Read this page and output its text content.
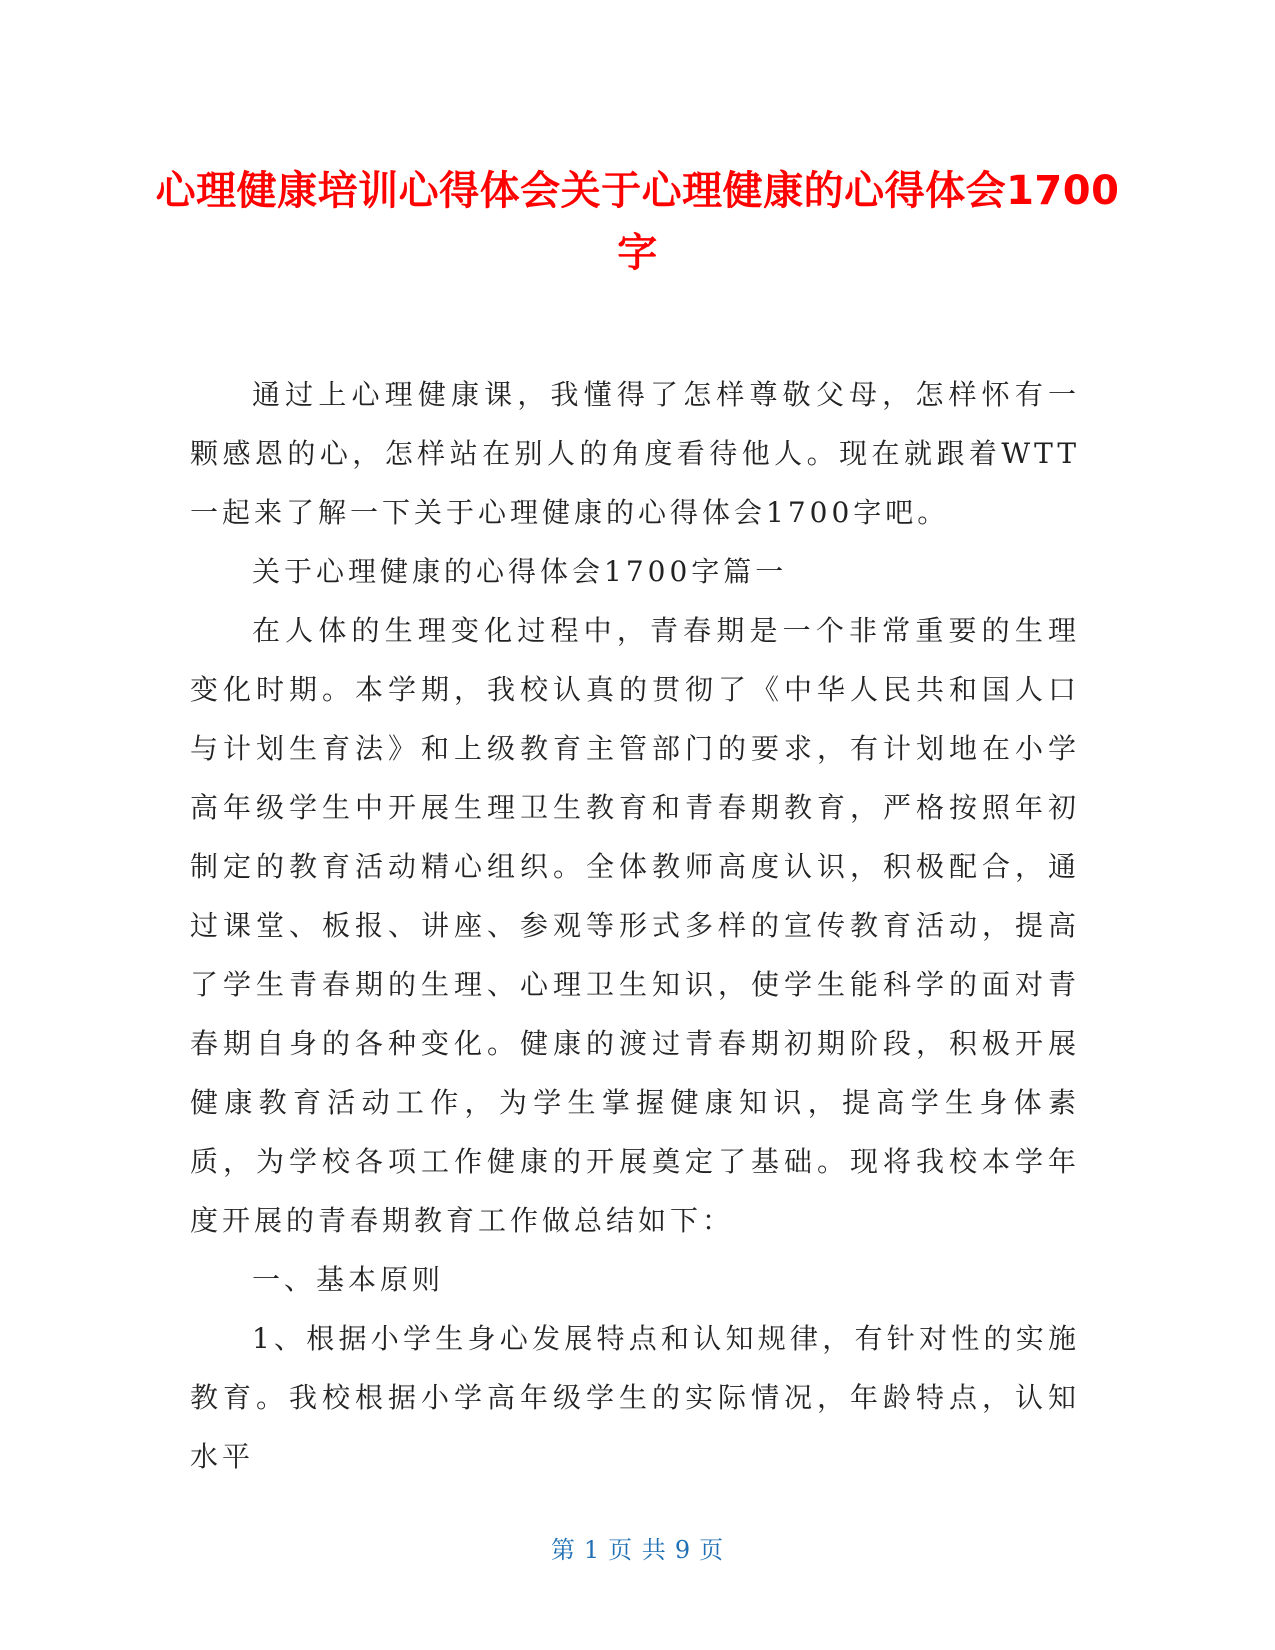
心理健康培训心得体会关于心理健康的心得体会1700字

通过上心理健康课，我懂得了怎样尊敬父母，怎样怀有一颗感恩的心，怎样站在别人的角度看待他人。现在就跟着WTT一起来了解一下关于心理健康的心得体会1700字吧。

关于心理健康的心得体会1700字篇一

在人体的生理变化过程中，青春期是一个非常重要的生理变化时期。本学期，我校认真的贯彻了《中华人民共和国人口与计划生育法》和上级教育主管部门的要求，有计划地在小学高年级学生中开展生理卫生教育和青春期教育，严格按照年初制定的教育活动精心组织。全体教师高度认识，积极配合，通过课堂、板报、讲座、参观等形式多样的宣传教育活动，提高了学生青春期的生理、心理卫生知识，使学生能科学的面对青春期自身的各种变化。健康的渡过青春期初期阶段，积极开展健康教育活动工作，为学生掌握健康知识，提高学生身体素质，为学校各项工作健康的开展奠定了基础。现将我校本学年度开展的青春期教育工作做总结如下：

一、基本原则

1、根据小学生身心发展特点和认知规律，有针对性的实施教育。我校根据小学高年级学生的实际情况，年龄特点，认知水平

第 1 页 共 9 页
